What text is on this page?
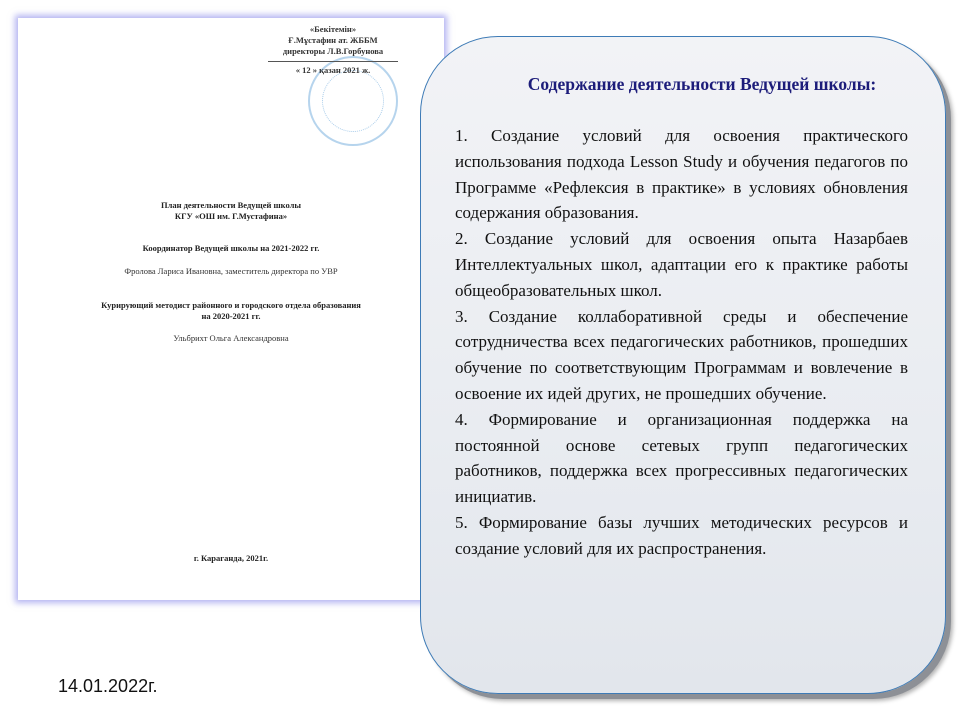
«Бекітемін»
Ғ.Мұстафин ат. ЖББМ
директоры Л.В.Горбунова
« 12 » қазан 2021 ж.
План деятельности Ведущей школы
КГУ «ОШ им. Г.Мустафина»
Координатор Ведущей школы на 2021-2022 гг.
Фролова Лариса Ивановна, заместитель директора по УВР
Курирующий методист районного и городского отдела образования
на 2020-2021 гг.
Ульбрихт Ольга Александровна
г. Караганда, 2021г.
Содержание деятельности Ведущей школы:

1. Создание условий для освоения практического использования подхода Lesson Study и обучения педагогов по Программе «Рефлексия в практике» в условиях обновления содержания образования.

2. Создание условий для освоения опыта Назарбаев Интеллектуальных школ, адаптации его к практике работы общеобразовательных школ.

3. Создание коллаборативной среды и обеспечение сотрудничества всех педагогических работников, прошедших обучение по соответствующим Программам и вовлечение в освоение их идей других, не прошедших обучение.

4. Формирование и организационная поддержка на постоянной основе сетевых групп педагогических работников, поддержка всех прогрессивных педагогических инициатив.

5. Формирование базы лучших методических ресурсов и создание условий для их распространения.

14.01.2022г.
